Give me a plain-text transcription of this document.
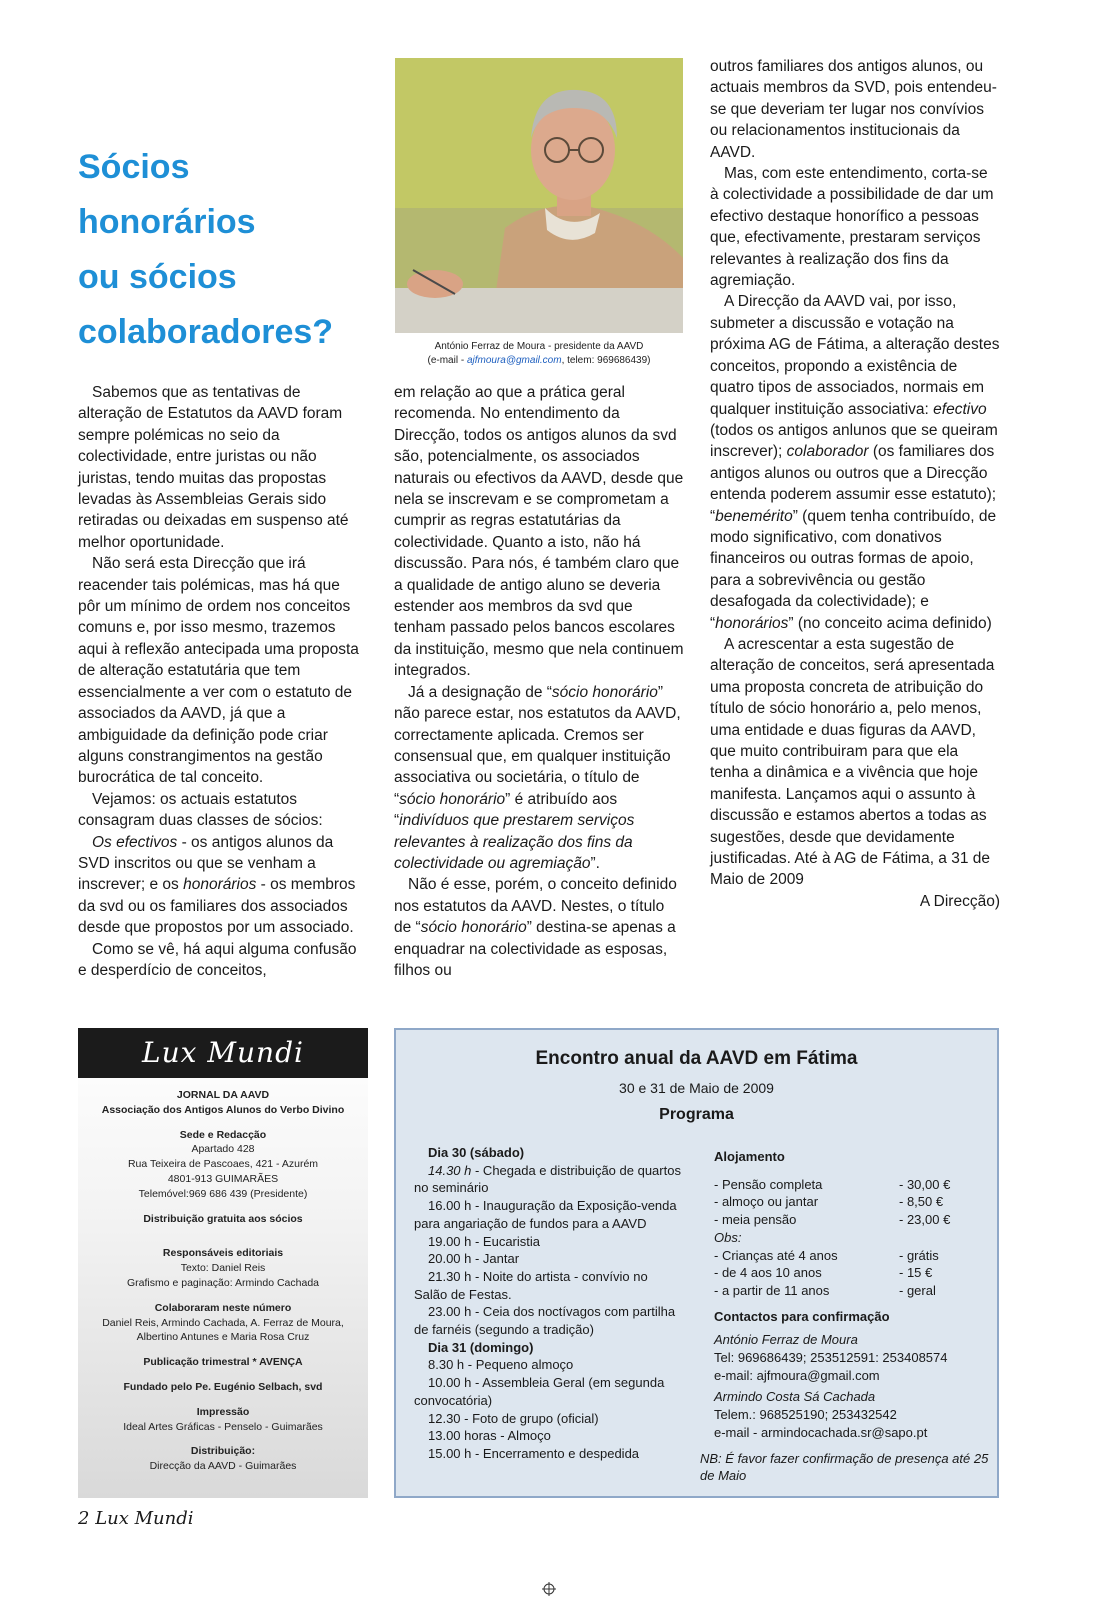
Sócios
honorários
ou sócios
colaboradores?	António Ferraz de Moura - presidente da AAVD
(e-mail - ajfmoura@gmail.com, telem: 969686439)

Sabemos que as tentativas de alteração de Estatutos da AAVD foram sempre polémicas no seio da colectividade, entre juristas ou não juristas, tendo muitas das propostas levadas às Assembleias Gerais sido retiradas ou deixadas em suspenso até melhor oportunidade.

Não será esta Direcção que irá reacender tais polémicas, mas há que pôr um mínimo de ordem nos conceitos comuns e, por isso mesmo, trazemos aqui à reflexão antecipada uma proposta de alteração estatutária que tem essencialmente a ver com o estatuto de associados da AAVD, já que a ambiguidade da definição pode criar alguns constrangimentos na gestão burocrática de tal conceito.

Vejamos: os actuais estatutos consagram duas classes de sócios:

Os efectivos - os antigos alunos da SVD inscritos ou que se venham a inscrever; e os honorários - os membros da svd ou os familiares dos associados desde que propostos por um associado.

Como se vê, há aqui alguma confusão e desperdício de conceitos,

em relação ao que a prática geral recomenda. No entendimento da Direcção, todos os antigos alunos da svd são, potencialmente, os associados naturais ou efectivos da AAVD, desde que nela se inscrevam e se comprometam a cumprir as regras estatutárias da colectividade. Quanto a isto, não há discussão. Para nós, é também claro que a qualidade de antigo aluno se deveria estender aos membros da svd que tenham passado pelos bancos escolares da instituição, mesmo que nela continuem integrados.

Já a designação de “sócio honorário” não parece estar, nos estatutos da AAVD, correctamente aplicada. Cremos ser consensual que, em qualquer instituição associativa ou societária, o título de “sócio honorário” é atribuído aos “indivíduos que prestarem serviços relevantes à realização dos fins da colectividade ou agremiação”.

Não é esse, porém, o conceito definido nos estatutos da AAVD. Nestes, o título de “sócio honorário” destina-se apenas a enquadrar na colectividade as esposas, filhos ou

outros familiares dos antigos alunos, ou actuais membros da SVD, pois entendeu-se que deveriam ter lugar nos convívios ou relacionamentos institucionais da AAVD.

Mas, com este entendimento, corta-se à colectividade a possibilidade de dar um efectivo destaque honorífico a pessoas que, efectivamente, prestaram serviços relevantes à realização dos fins da agremiação.

A Direcção da AAVD vai, por isso, submeter a discussão e votação na próxima AG de Fátima, a alteração destes conceitos, propondo a existência de quatro tipos de associados, normais em qualquer instituição associativa: efectivo (todos os antigos anlunos que se queiram inscrever); colaborador (os familiares dos antigos alunos ou outros que a Direcção entenda poderem assumir esse estatuto); “benemérito” (quem tenha contribuído, de modo significativo, com donativos financeiros ou outras formas de apoio, para a sobrevivência ou gestão desafogada da colectividade); e “honorários” (no conceito acima definido)

A acrescentar a esta sugestão de alteração de conceitos, será apresentada uma proposta concreta de atribuição do título de sócio honorário a, pelo menos, uma entidade e duas figuras da AAVD, que muito contribuiram para que ela tenha a dinâmica e a vivência que hoje manifesta. Lançamos aqui o assunto à discussão e estamos abertos a todas as sugestões, desde que devidamente justificadas. Até à AG de Fátima, a 31 de Maio de 2009

A Direcção)

Lux Mundi
JORNAL DA AAVD
Associação dos Antigos Alunos do Verbo Divino
Sede e Redacção
Apartado 428
Rua Teixeira de Pascoaes, 421 - Azurém
4801-913 GUIMARÃES
Telemóvel:969 686 439 (Presidente)
Distribuição gratuita aos sócios
Responsáveis editoriais
Texto: Daniel Reis
Grafismo e paginação: Armindo Cachada
Colaboraram neste número
Daniel Reis, Armindo Cachada, A. Ferraz de Moura,
Albertino Antunes e Maria Rosa Cruz
Publicação trimestral * AVENÇA
Fundado pelo Pe. Eugénio Selbach, svd
Impressão
Ideal Artes Gráficas - Penselo - Guimarães
Distribuição:
Direcção da AAVD - Guimarães
Encontro anual da AAVD em Fátima
30 e 31 de Maio de 2009
Programa
Dia 30 (sábado)
14.30 h - Chegada e distribuição de quartos no seminário
16.00 h - Inauguração da Exposição-venda para angariação de fundos para a AAVD
19.00 h - Eucaristia
20.00 h - Jantar
21.30 h - Noite do artista - convívio no Salão de Festas.
23.00 h - Ceia dos noctívagos com partilha de farnéis (segundo a tradição)
Dia 31 (domingo)
8.30 h - Pequeno almoço
10.00 h - Assembleia Geral (em segunda convocatória)
12.30 - Foto de grupo (oficial)
13.00 horas - Almoço
15.00 h - Encerramento e despedida
Alojamento
- Pensão completa	- 30,00 €
- almoço ou jantar	- 8,50 €
- meia pensão	- 23,00 €
Obs:
- Crianças até 4 anos	- grátis
- de 4 aos 10 anos	- 15 €
- a partir de 11 anos	- geral
Contactos para confirmação
António Ferraz de Moura
Tel: 969686439; 253512591: 253408574
e-mail: ajfmoura@gmail.com
Armindo Costa Sá Cachada
Telem.: 968525190; 253432542
e-mail - armindocachada.sr@sapo.pt
NB: É favor fazer confirmação de presença até 25 de Maio
2 Lux Mundi
